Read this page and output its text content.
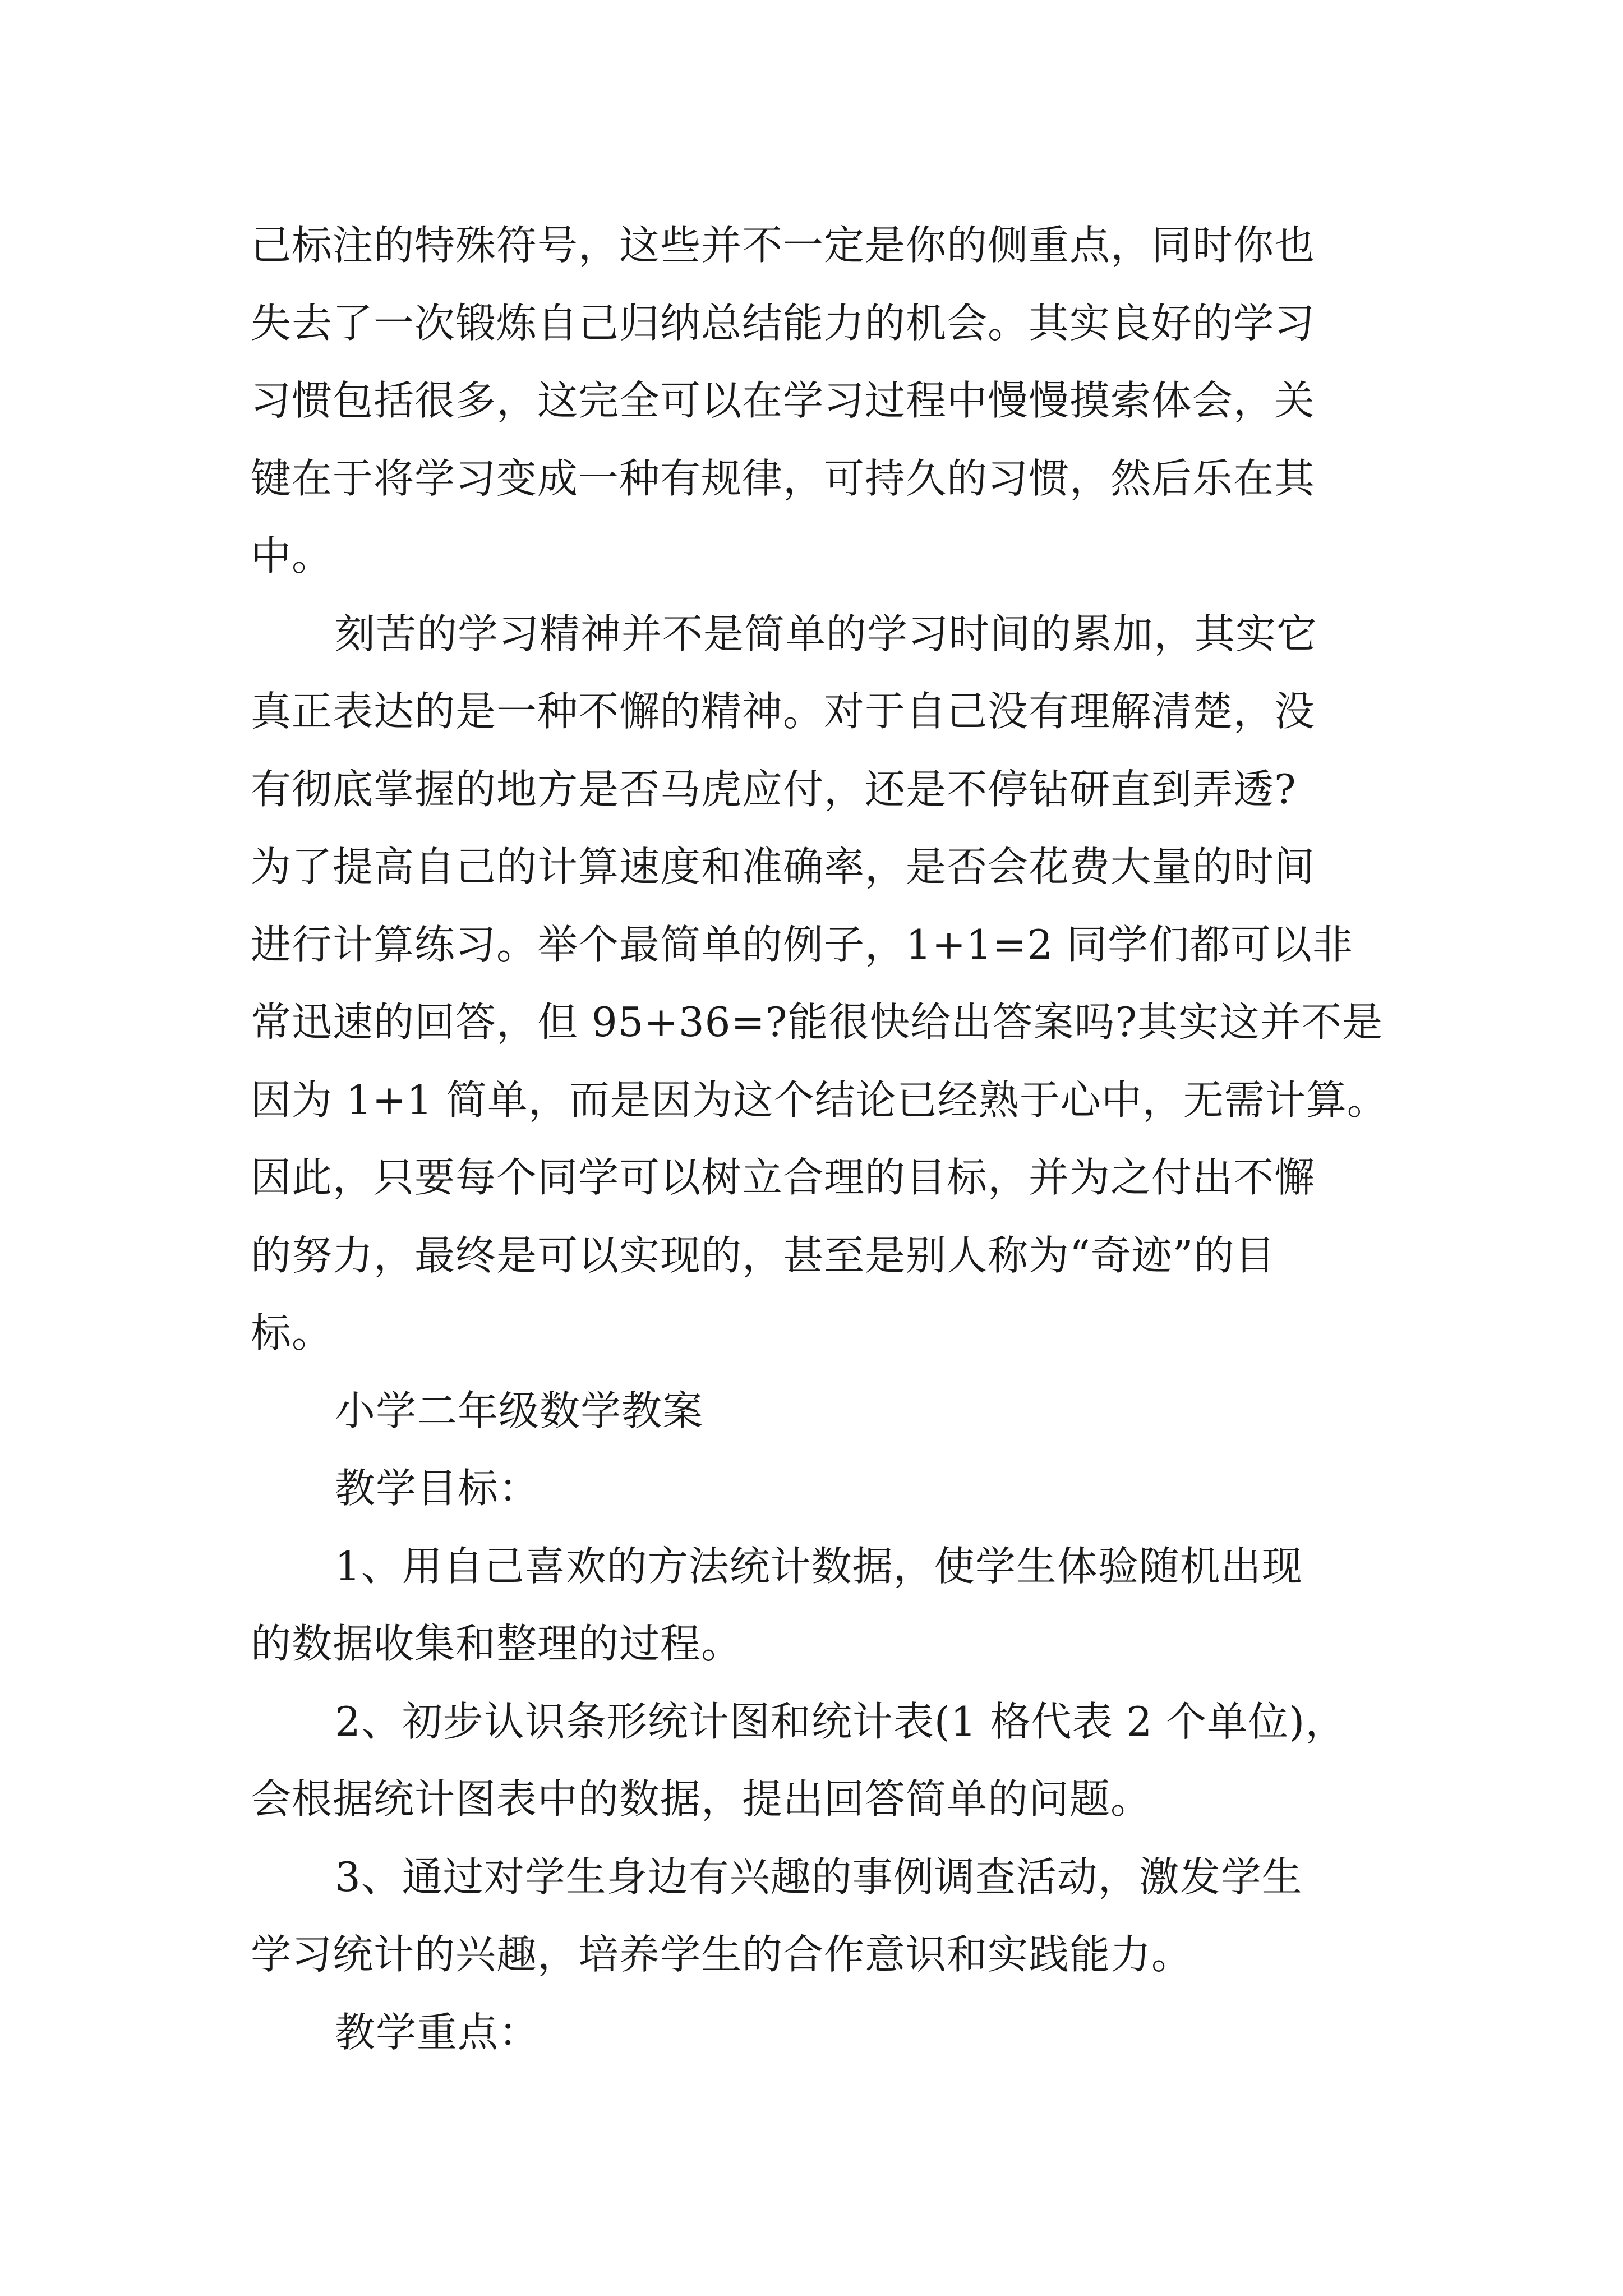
己标注的特殊符号，这些并不一定是你的侧重点，同时你也
失去了一次锻炼自己归纳总结能力的机会。其实良好的学习
习惯包括很多，这完全可以在学习过程中慢慢摸索体会，关
键在于将学习变成一种有规律，可持久的习惯，然后乐在其
中。
刻苦的学习精神并不是简单的学习时间的累加，其实它
真正表达的是一种不懈的精神。对于自己没有理解清楚，没
有彻底掌握的地方是否马虎应付，还是不停钻研直到弄透?
为了提高自己的计算速度和准确率，是否会花费大量的时间
进行计算练习。举个最简单的例子，1+1=2 同学们都可以非
常迅速的回答，但 95+36=?能很快给出答案吗?其实这并不是
因为 1+1 简单，而是因为这个结论已经熟于心中，无需计算。
因此，只要每个同学可以树立合理的目标，并为之付出不懈
的努力，最终是可以实现的，甚至是别人称为“奇迹”的目
标。
小学二年级数学教案
教学目标：
1、用自己喜欢的方法统计数据，使学生体验随机出现
的数据收集和整理的过程。
2、初步认识条形统计图和统计表(1 格代表 2 个单位)，
会根据统计图表中的数据，提出回答简单的问题。
3、通过对学生身边有兴趣的事例调查活动，激发学生
学习统计的兴趣，培养学生的合作意识和实践能力。
教学重点：
